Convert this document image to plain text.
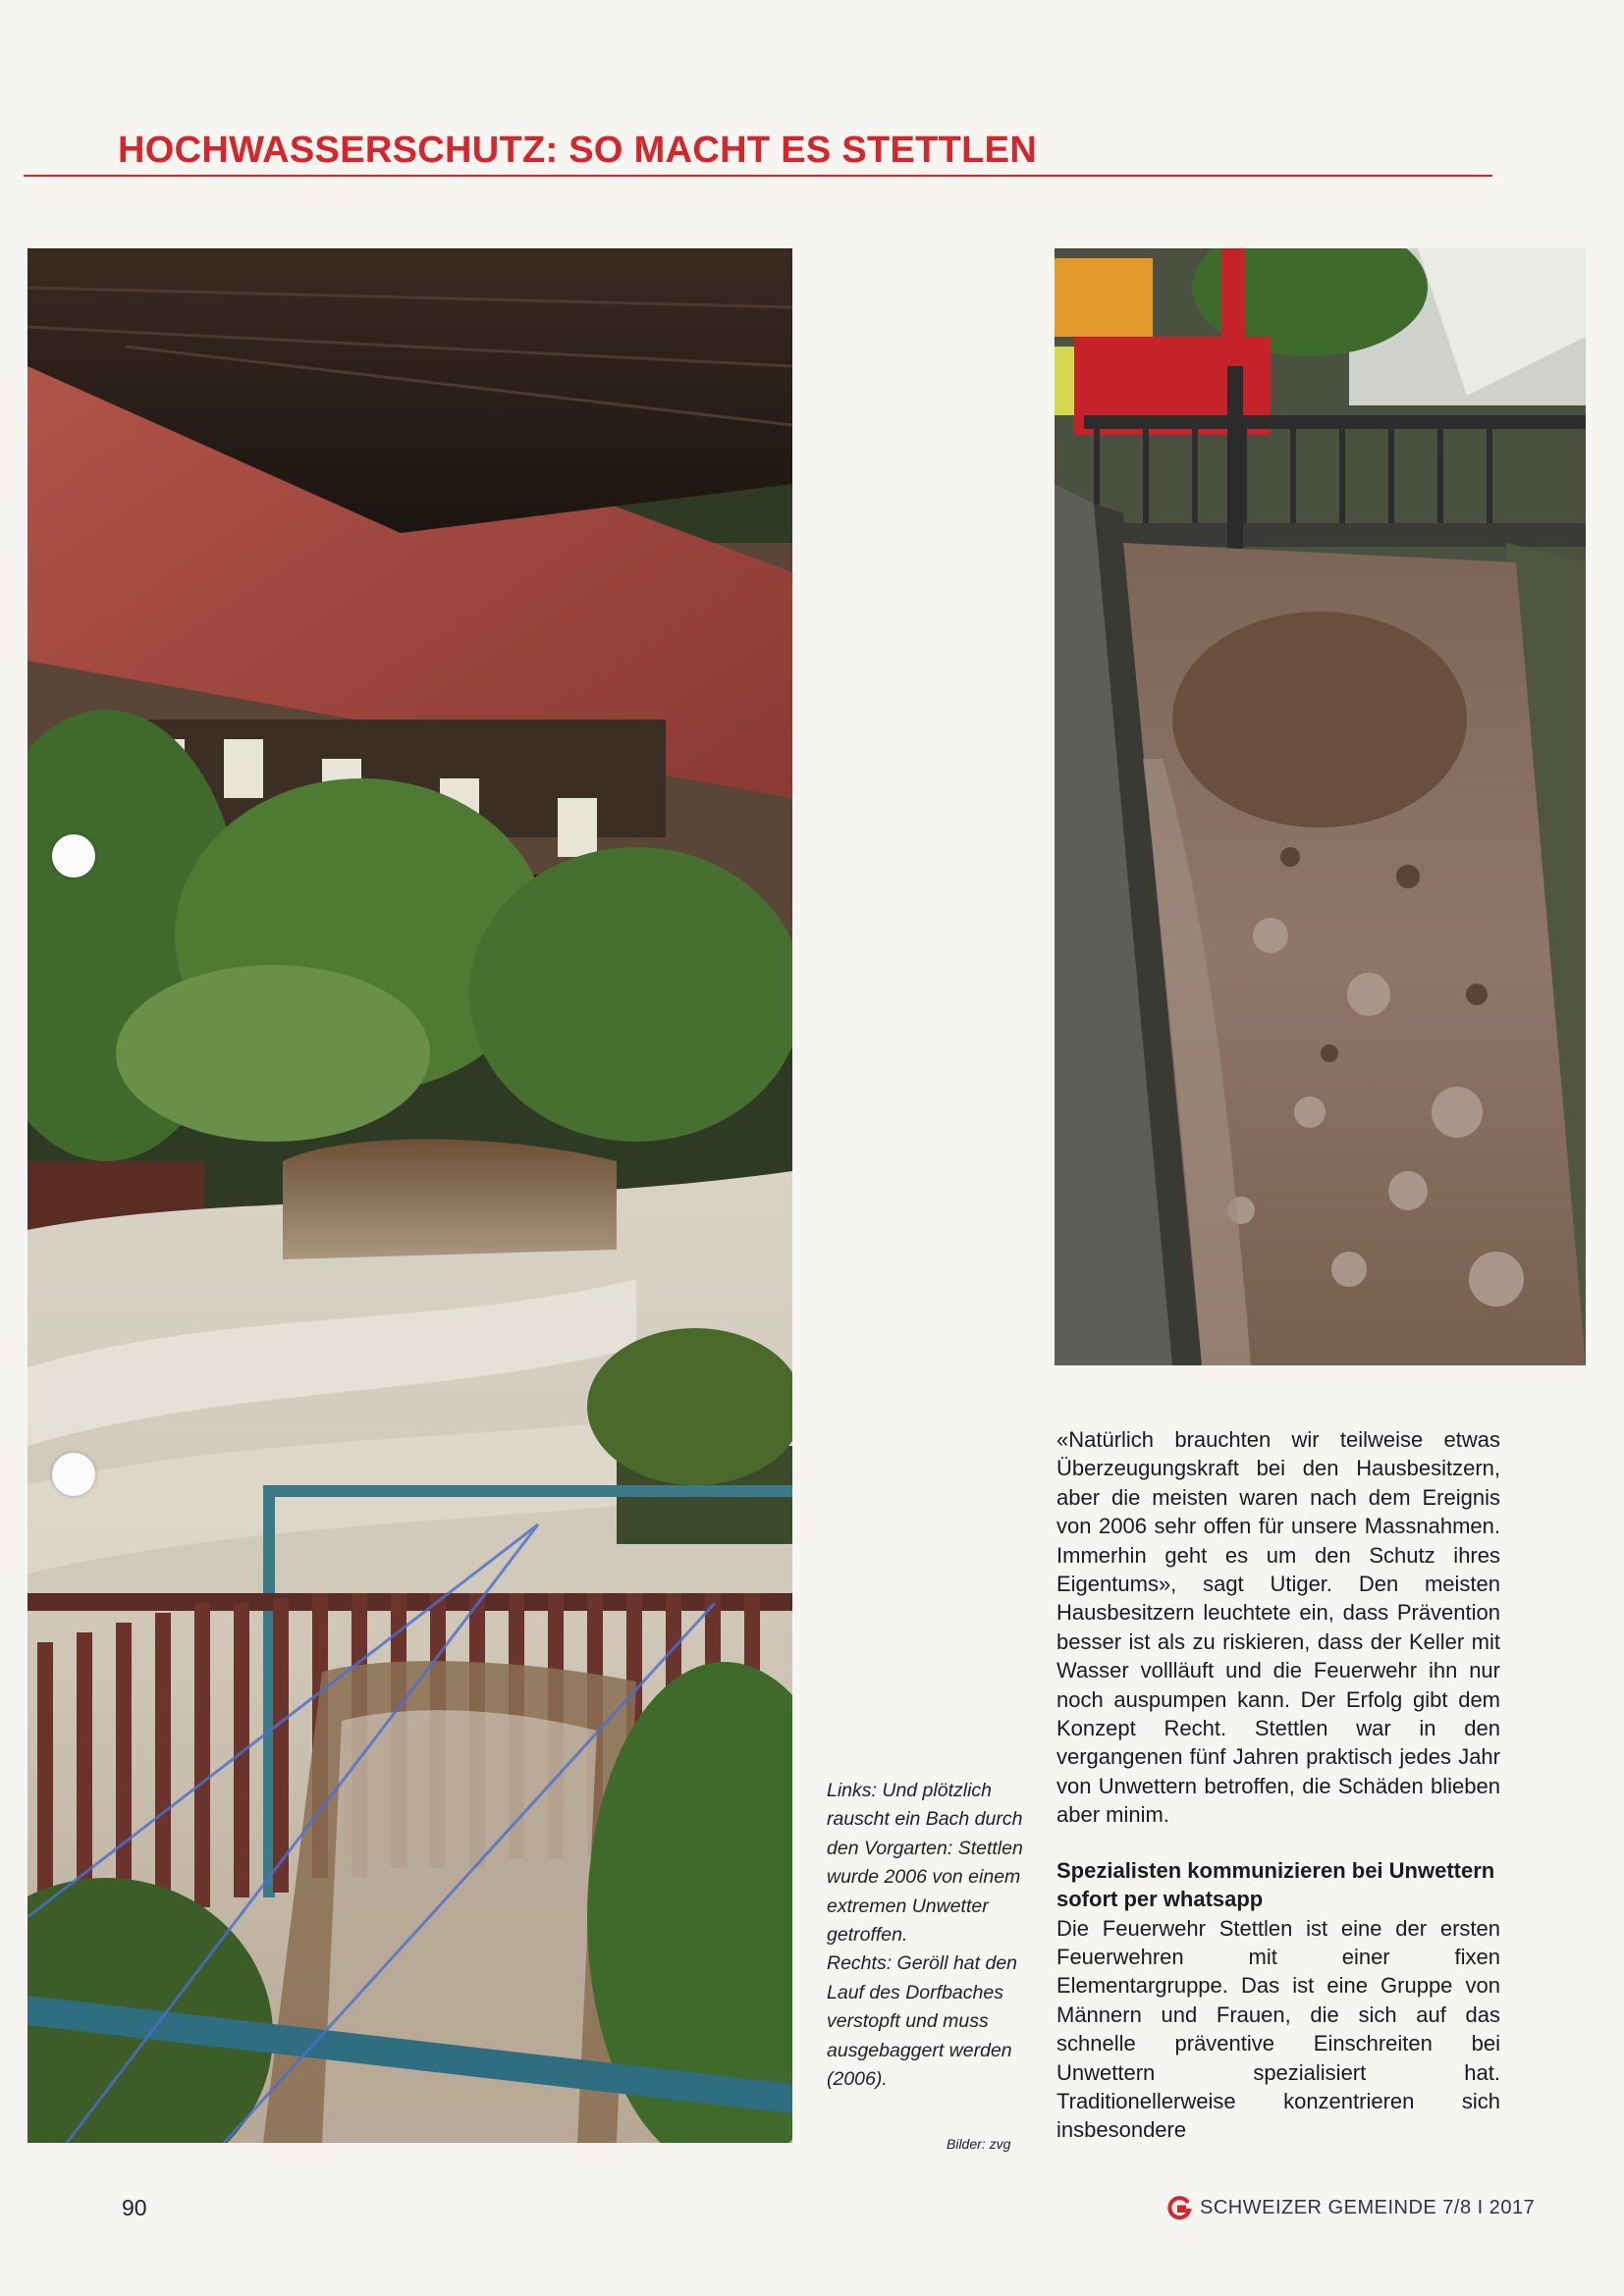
HOCHWASSERSCHUTZ: SO MACHT ES STETTLEN

Links: Und plötzlich rauscht ein Bach durch den Vorgarten: Stettlen wurde 2006 von einem extremen Unwetter getroffen.

Rechts: Geröll hat den Lauf des Dorfbaches verstopft und muss ausgebaggert werden (2006).

Bilder: zvg

«Natürlich brauchten wir teilweise etwas Überzeugungskraft bei den Hausbesitzern, aber die meisten waren nach dem Ereignis von 2006 sehr offen für unsere Massnahmen. Immerhin geht es um den Schutz ihres Eigentums», sagt Utiger. Den meisten Hausbesitzern leuchtete ein, dass Prävention besser ist als zu riskieren, dass der Keller mit Wasser vollläuft und die Feuerwehr ihn nur noch auspumpen kann. Der Erfolg gibt dem Konzept Recht. Stettlen war in den vergangenen fünf Jahren praktisch jedes Jahr von Unwettern betroffen, die Schäden blieben aber minim.

Spezialisten kommunizieren bei Unwettern sofort per whatsapp

Die Feuerwehr Stettlen ist eine der ersten Feuerwehren mit einer fixen Elementargruppe. Das ist eine Gruppe von Männern und Frauen, die sich auf das schnelle präventive Einschreiten bei Unwettern spezialisiert hat. Traditionellerweise konzentrieren sich insbesondere

90	SCHWEIZER GEMEINDE 7/8 I 2017
